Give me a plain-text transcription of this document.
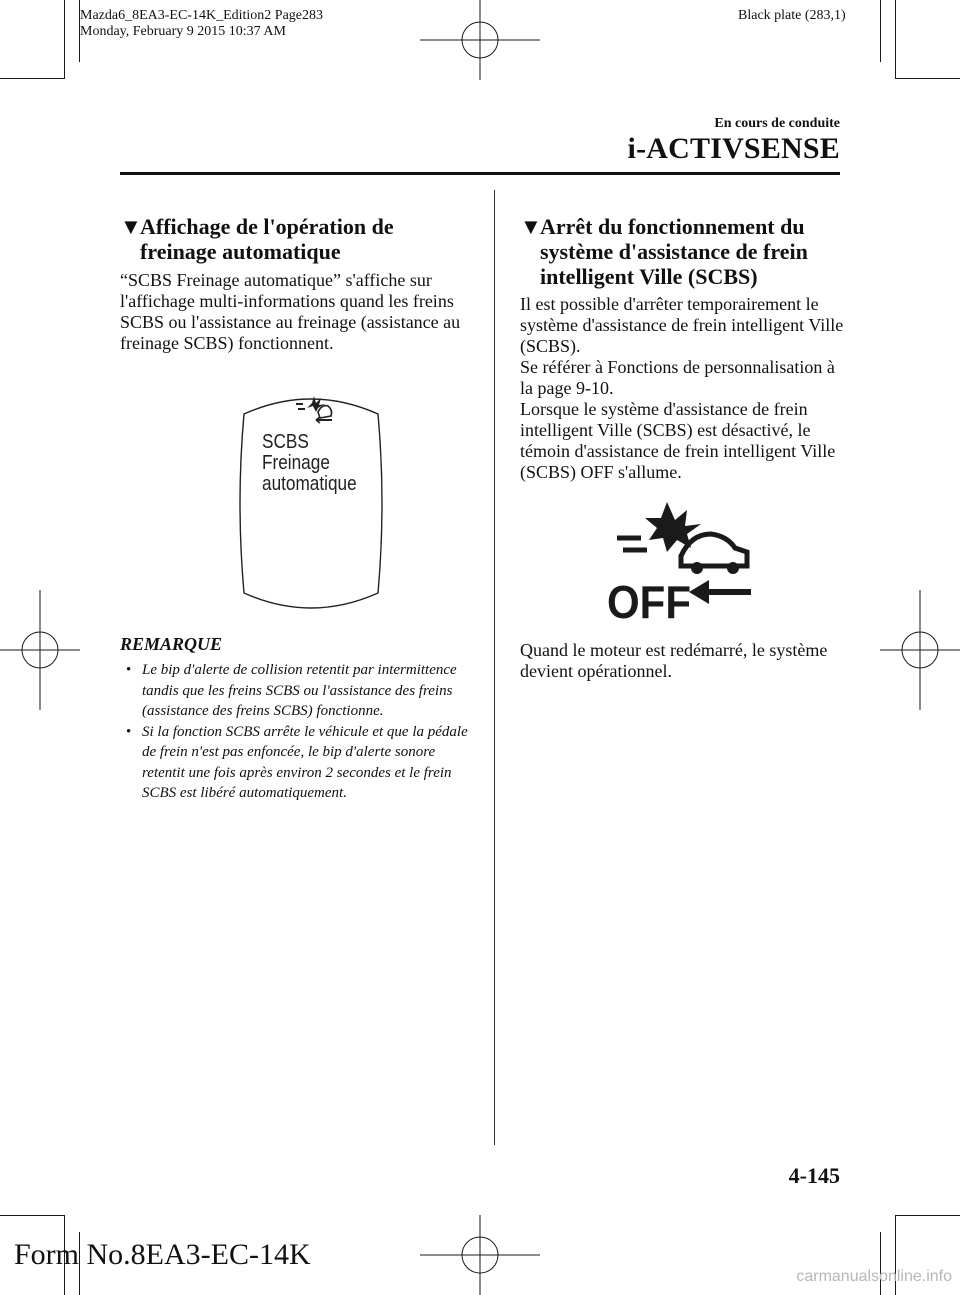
Mazda6_8EA3-EC-14K_Edition2 Page283
Monday, February 9 2015 10:37 AM
Black plate (283,1)
En cours de conduite
i-ACTIVSENSE
▼Affichage de l'opération de freinage automatique

“SCBS Freinage automatique” s'affiche sur l'affichage multi-informations quand les freins SCBS ou l'assistance au freinage (assistance au freinage SCBS) fonctionnent.

SCBS
Freinage
automatique
REMARQUE
• Le bip d'alerte de collision retentit par intermittence tandis que les freins SCBS ou l'assistance des freins (assistance des freins SCBS) fonctionne.
• Si la fonction SCBS arrête le véhicule et que la pédale de frein n'est pas enfoncée, le bip d'alerte sonore retentit une fois après environ 2 secondes et le frein SCBS est libéré automatiquement.
▼Arrêt du fonctionnement du système d'assistance de frein intelligent Ville (SCBS)

Il est possible d'arrêter temporairement le système d'assistance de frein intelligent Ville (SCBS).

Se référer à Fonctions de personnalisation à la page 9-10.

Lorsque le système d'assistance de frein intelligent Ville (SCBS) est désactivé, le témoin d'assistance de frein intelligent Ville (SCBS) OFF s'allume.

OFF

Quand le moteur est redémarré, le système devient opérationnel.

4-145
Form No.8EA3-EC-14K
carmanualsonline.info
